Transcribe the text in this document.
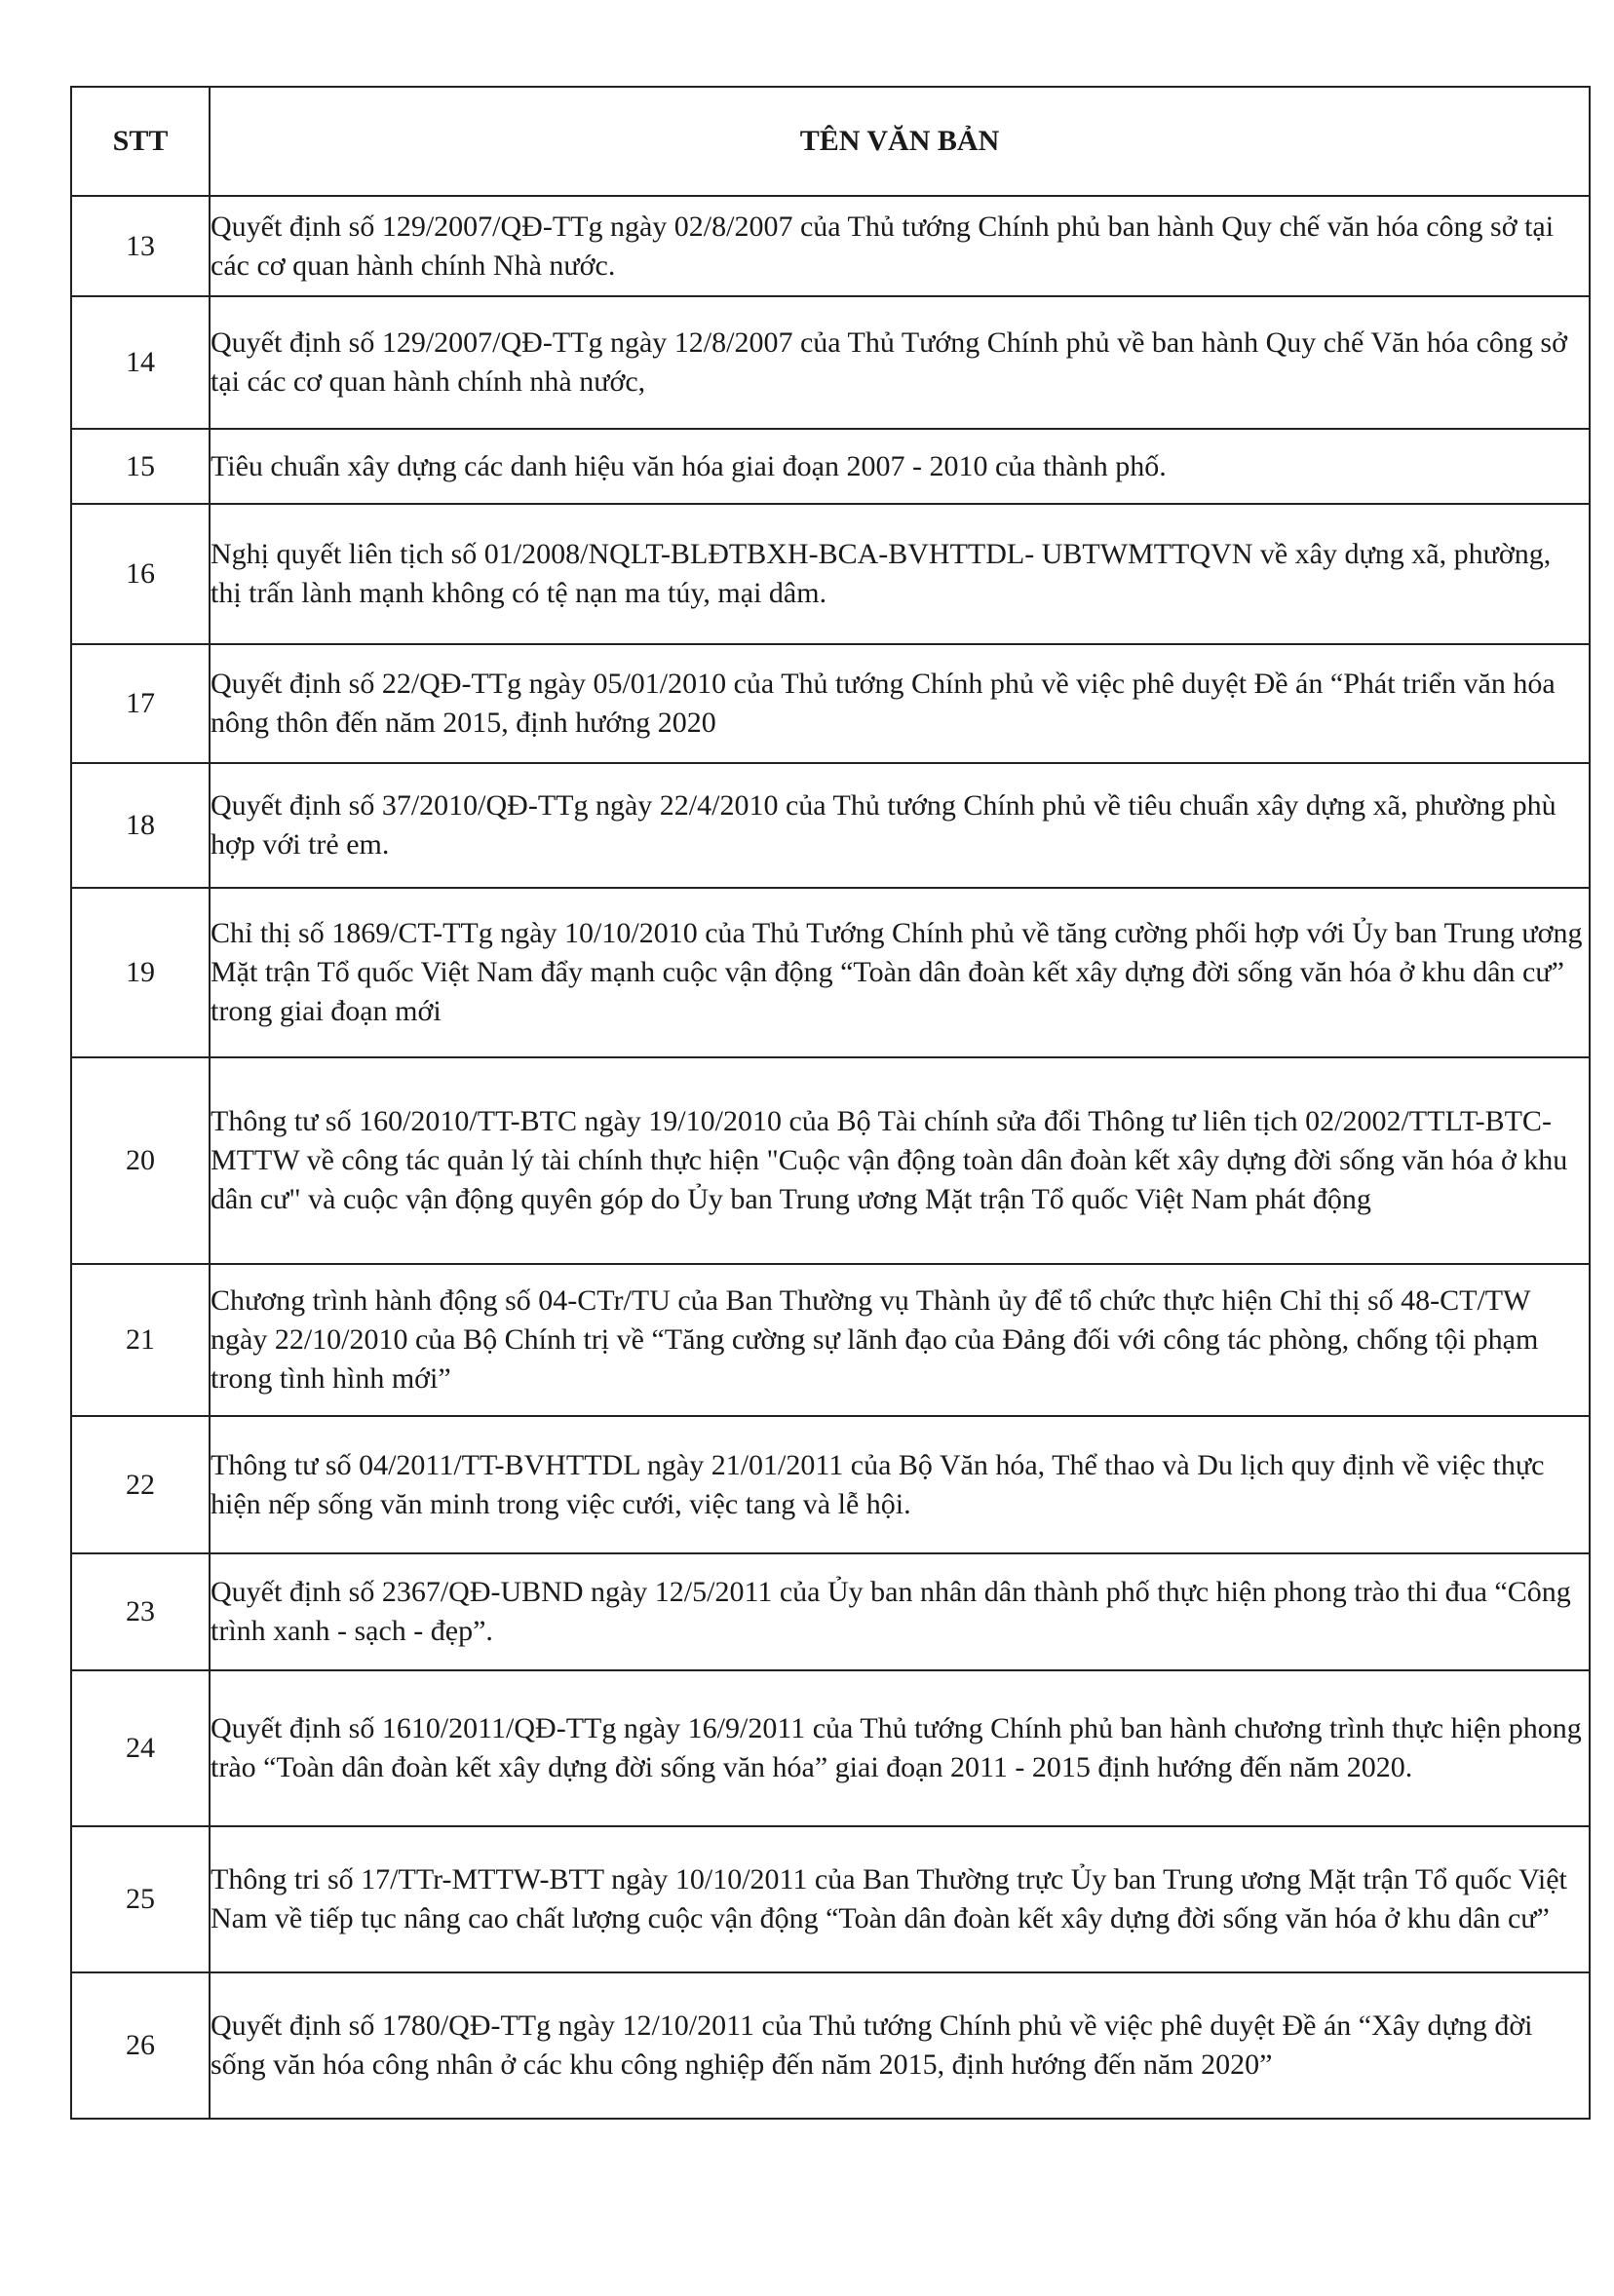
STT	TÊN VĂN BẢN
13	Quyết định số 129/2007/QĐ-TTg ngày 02/8/2007 của Thủ tướng Chính phủ ban hành Quy chế văn hóa công sở tại các cơ quan hành chính Nhà nước.

14	Quyết định số 129/2007/QĐ-TTg ngày 12/8/2007 của Thủ Tướng Chính phủ về ban hành Quy chế Văn hóa công sở tại các cơ quan hành chính nhà nước,

15	Tiêu chuẩn xây dựng các danh hiệu văn hóa giai đoạn 2007 - 2010 của thành phố.

16	Nghị quyết liên tịch số 01/2008/NQLT-BLĐTBXH-BCA-BVHTTDL- UBTWMTTQVN về xây dựng xã, phường, thị trấn lành mạnh không có tệ nạn ma túy, mại dâm.

17	Quyết định số 22/QĐ-TTg ngày 05/01/2010 của Thủ tướng Chính phủ về việc phê duyệt Đề án “Phát triển văn hóa nông thôn đến năm 2015, định hướng 2020

18	Quyết định số 37/2010/QĐ-TTg ngày 22/4/2010 của Thủ tướng Chính phủ về tiêu chuẩn xây dựng xã, phường phù hợp với trẻ em.

19	Chỉ thị số 1869/CT-TTg ngày 10/10/2010 của Thủ Tướng Chính phủ về tăng cường phối hợp với Ủy ban Trung ương Mặt trận Tổ quốc Việt Nam đẩy mạnh cuộc vận động “Toàn dân đoàn kết xây dựng đời sống văn hóa ở khu dân cư” trong giai đoạn mới

20	Thông tư số 160/2010/TT-BTC ngày 19/10/2010 của Bộ Tài chính sửa đổi Thông tư liên tịch 02/2002/TTLT-BTC-MTTW về công tác quản lý tài chính thực hiện "Cuộc vận động toàn dân đoàn kết xây dựng đời sống văn hóa ở khu dân cư" và cuộc vận động quyên góp do Ủy ban Trung ương Mặt trận Tổ quốc Việt Nam phát động

21	Chương trình hành động số 04-CTr/TU của Ban Thường vụ Thành ủy để tổ chức thực hiện Chỉ thị số 48-CT/TW ngày 22/10/2010 của Bộ Chính trị về “Tăng cường sự lãnh đạo của Đảng đối với công tác phòng, chống tội phạm trong tình hình mới”

22	Thông tư số 04/2011/TT-BVHTTDL ngày 21/01/2011 của Bộ Văn hóa, Thể thao và Du lịch quy định về việc thực hiện nếp sống văn minh trong việc cưới, việc tang và lễ hội.

23	Quyết định số 2367/QĐ-UBND ngày 12/5/2011 của Ủy ban nhân dân thành phố thực hiện phong trào thi đua “Công trình xanh - sạch - đẹp”.

24	Quyết định số 1610/2011/QĐ-TTg ngày 16/9/2011 của Thủ tướng Chính phủ ban hành chương trình thực hiện phong trào “Toàn dân đoàn kết xây dựng đời sống văn hóa” giai đoạn 2011 - 2015 định hướng đến năm 2020.

25	Thông tri số 17/TTr-MTTW-BTT ngày 10/10/2011 của Ban Thường trực Ủy ban Trung ương Mặt trận Tổ quốc Việt Nam về tiếp tục nâng cao chất lượng cuộc vận động “Toàn dân đoàn kết xây dựng đời sống văn hóa ở khu dân cư”

26	Quyết định số 1780/QĐ-TTg ngày 12/10/2011 của Thủ tướng Chính phủ về việc phê duyệt Đề án “Xây dựng đời sống văn hóa công nhân ở các khu công nghiệp đến năm 2015, định hướng đến năm 2020”
